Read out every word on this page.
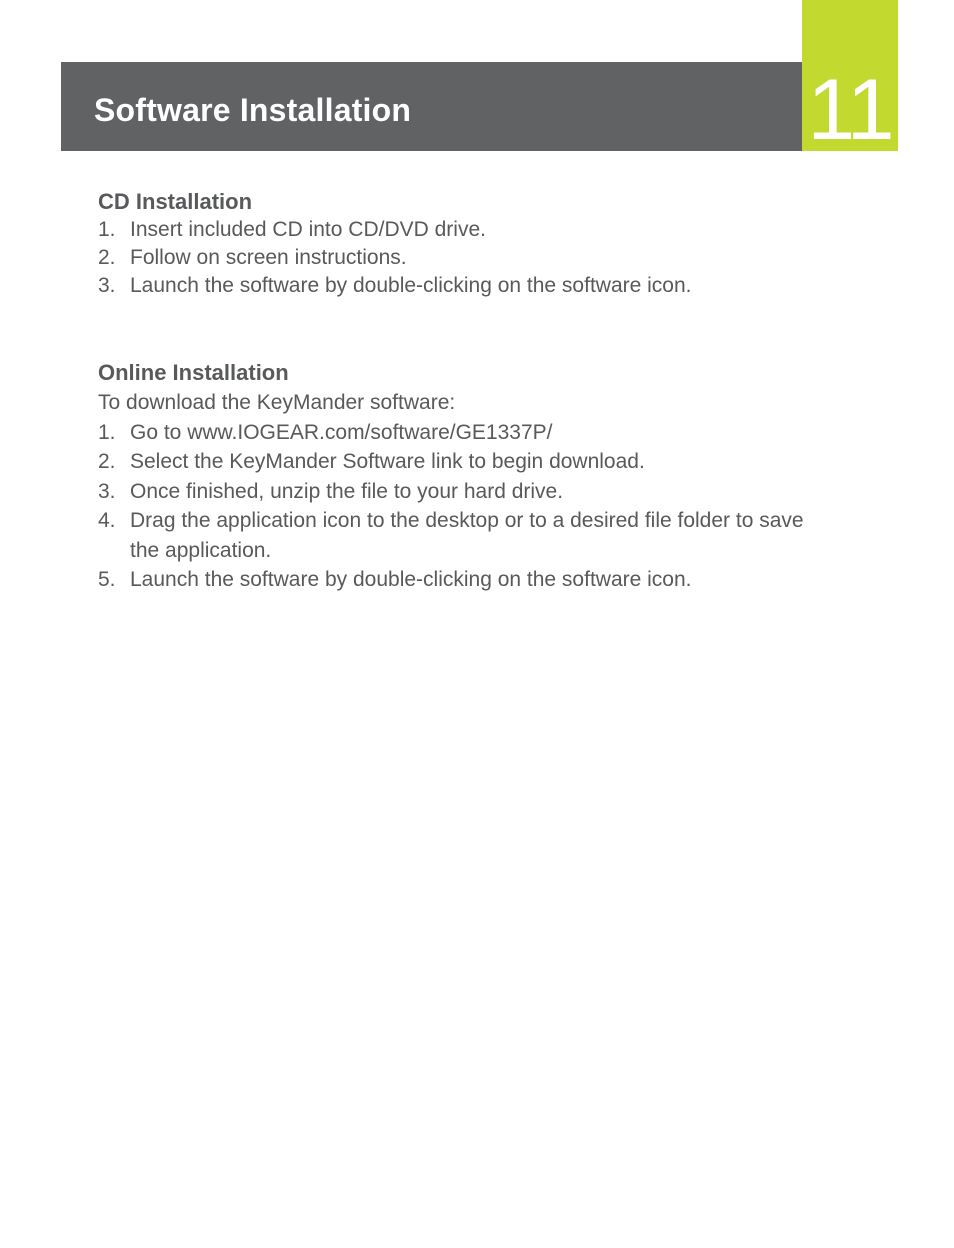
Software Installation	11
CD Installation
1. Insert included CD into CD/DVD drive.
2. Follow on screen instructions.
3. Launch the software by double-clicking on the software icon.
Online Installation

To download the KeyMander software:

1. Go to www.IOGEAR.com/software/GE1337P/
2. Select the KeyMander Software link to begin download.
3. Once finished, unzip the file to your hard drive.
4. Drag the application icon to the desktop or to a desired file folder to save the application.
5. Launch the software by double-clicking on the software icon.
